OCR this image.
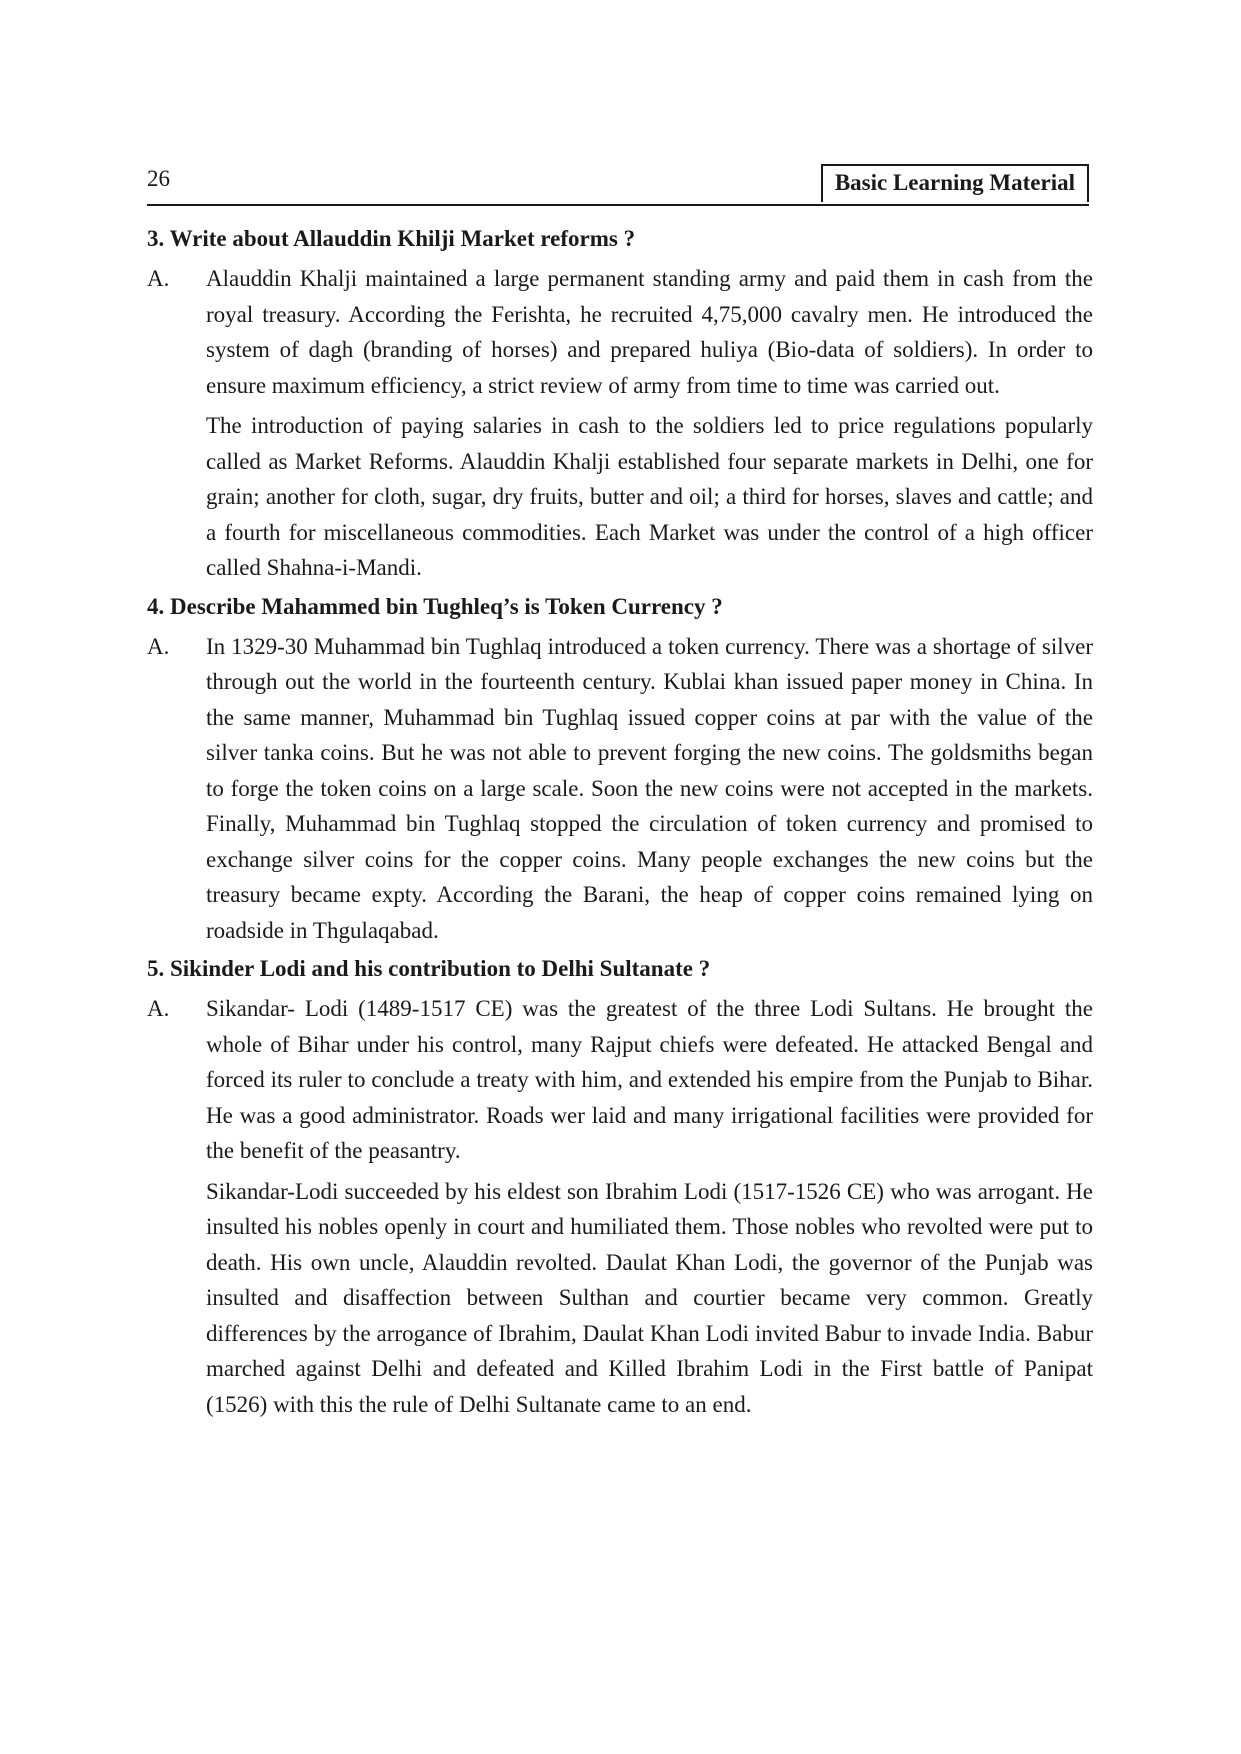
26	Basic Learning Material
3. Write about Allauddin Khilji Market reforms ?
A. Alauddin Khalji maintained a large permanent standing army and paid them in cash from the royal treasury. According the Ferishta, he recruited 4,75,000 cavalry men. He introduced the system of dagh (branding of horses) and prepared huliya (Bio-data of soldiers). In order to ensure maximum efficiency, a strict review of army from time to time was carried out.

The introduction of paying salaries in cash to the soldiers led to price regulations popularly called as Market Reforms. Alauddin Khalji established four separate markets in Delhi, one for grain; another for cloth, sugar, dry fruits, butter and oil; a third for horses, slaves and cattle; and a fourth for miscellaneous commodities. Each Market was under the control of a high officer called Shahna-i-Mandi.

4. Describe Mahammed bin Tughleq’s is Token Currency ?
A. In 1329-30 Muhammad bin Tughlaq introduced a token currency. There was a shortage of silver through out the world in the fourteenth century. Kublai khan issued paper money in China. In the same manner, Muhammad bin Tughlaq issued copper coins at par with the value of the silver tanka coins. But he was not able to prevent forging the new coins. The goldsmiths began to forge the token coins on a large scale. Soon the new coins were not accepted in the markets. Finally, Muhammad bin Tughlaq stopped the circulation of token currency and promised to exchange silver coins for the copper coins. Many people exchanges the new coins but the treasury became expty. According the Barani, the heap of copper coins remained lying on roadside in Thgulaqabad.

5. Sikinder Lodi and his contribution to Delhi Sultanate ?
A. Sikandar- Lodi (1489-1517 CE) was the greatest of the three Lodi Sultans. He brought the whole of Bihar under his control, many Rajput chiefs were defeated. He attacked Bengal and forced its ruler to conclude a treaty with him, and extended his empire from the Punjab to Bihar. He was a good administrator. Roads wer laid and many irrigational facilities were provided for the benefit of the peasantry.

Sikandar-Lodi succeeded by his eldest son Ibrahim Lodi (1517-1526 CE) who was arrogant. He insulted his nobles openly in court and humiliated them. Those nobles who revolted were put to death. His own uncle, Alauddin revolted. Daulat Khan Lodi, the governor of the Punjab was insulted and disaffection between Sulthan and courtier became very common. Greatly differences by the arrogance of Ibrahim, Daulat Khan Lodi invited Babur to invade India. Babur marched against Delhi and defeated and Killed Ibrahim Lodi in the First battle of Panipat (1526) with this the rule of Delhi Sultanate came to an end.
